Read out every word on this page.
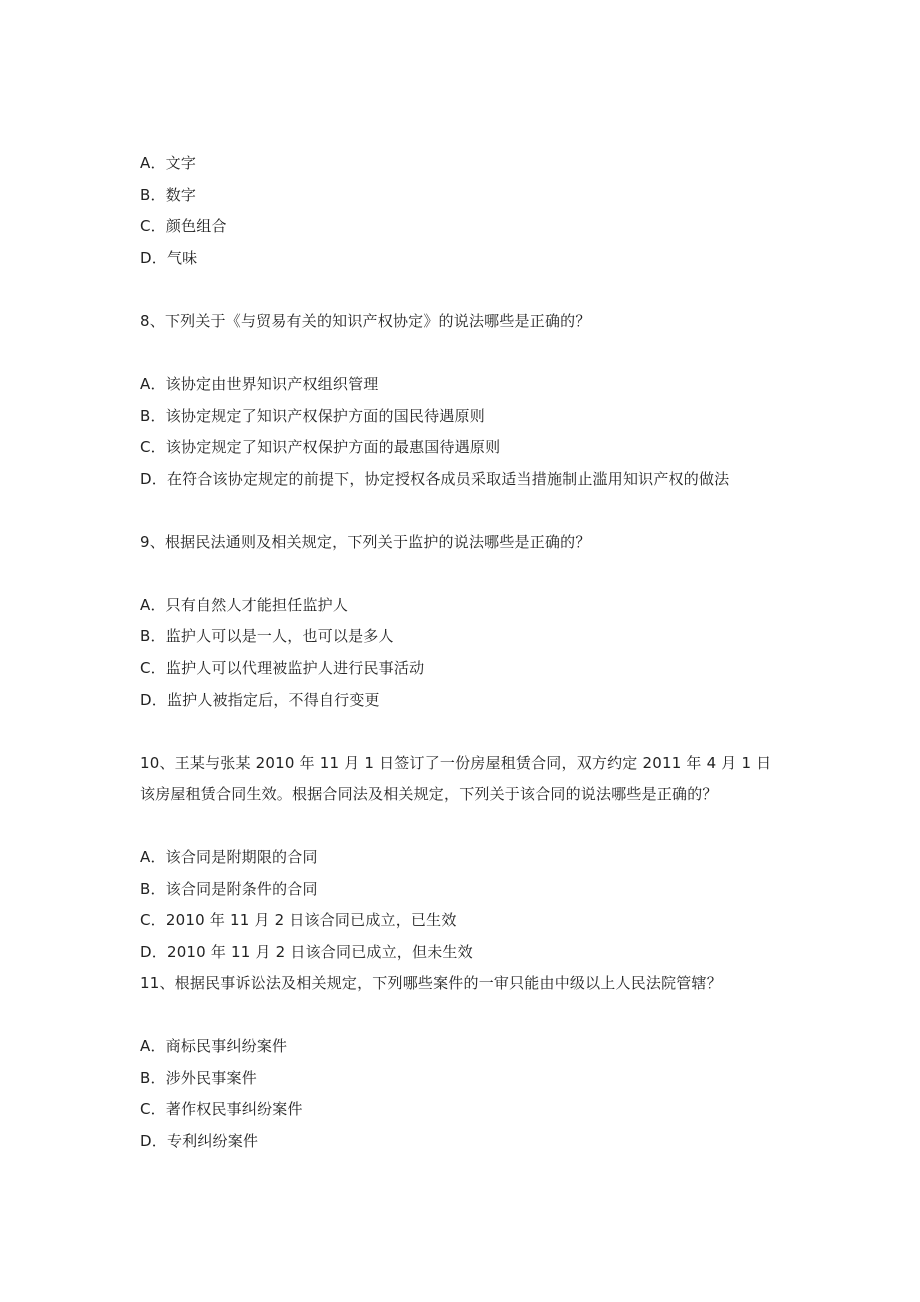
A．文字
B．数字
C．颜色组合
D．气味
8、下列关于《与贸易有关的知识产权协定》的说法哪些是正确的？
A．该协定由世界知识产权组织管理
B．该协定规定了知识产权保护方面的国民待遇原则
C．该协定规定了知识产权保护方面的最惠国待遇原则
D．在符合该协定规定的前提下，协定授权各成员采取适当措施制止滥用知识产权的做法
9、根据民法通则及相关规定，下列关于监护的说法哪些是正确的？
A．只有自然人才能担任监护人
B．监护人可以是一人，也可以是多人
C．监护人可以代理被监护人进行民事活动
D．监护人被指定后，不得自行变更
10、王某与张某 2010 年 11 月 1 日签订了一份房屋租赁合同，双方约定 2011 年 4 月 1 日
该房屋租赁合同生效。根据合同法及相关规定，下列关于该合同的说法哪些是正确的？
A．该合同是附期限的合同
B．该合同是附条件的合同
C．2010 年 11 月 2 日该合同已成立，已生效
D．2010 年 11 月 2 日该合同已成立，但未生效
11、根据民事诉讼法及相关规定，下列哪些案件的一审只能由中级以上人民法院管辖？
A．商标民事纠纷案件
B．涉外民事案件
C．著作权民事纠纷案件
D．专利纠纷案件
